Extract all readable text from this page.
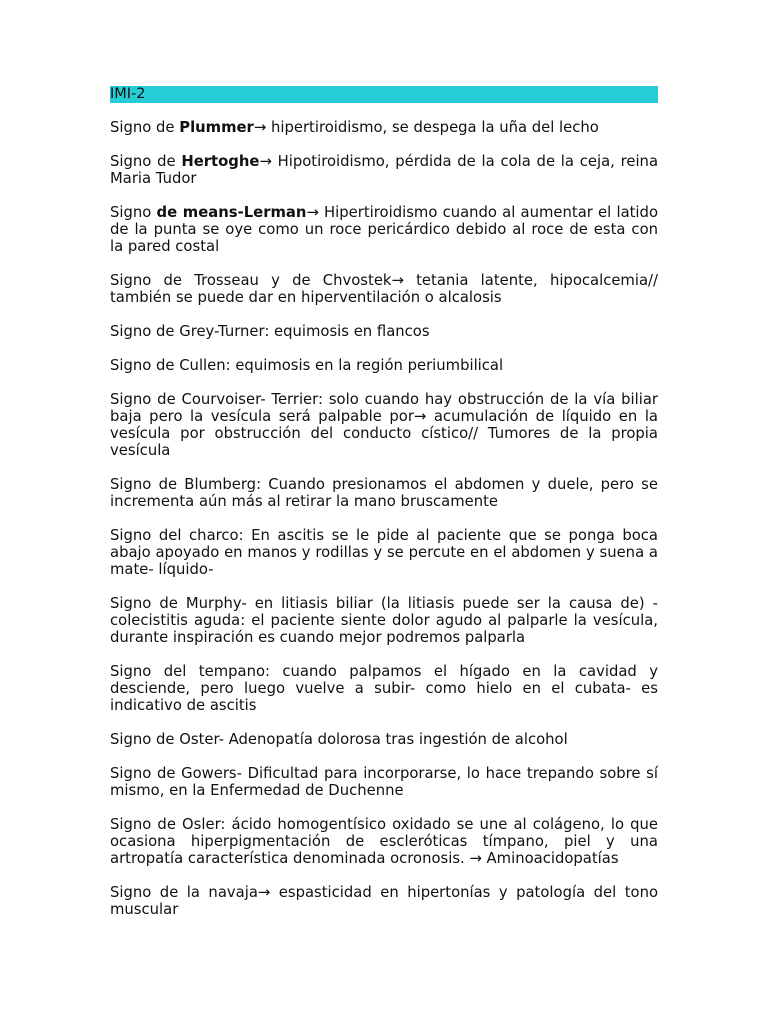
IMI-2

Signo de Plummer→ hipertiroidismo, se despega la uña del lecho

Signo de Hertoghe→ Hipotiroidismo, pérdida de la cola de la ceja, reina Maria Tudor

Signo de means-Lerman→ Hipertiroidismo cuando al aumentar el latido de la punta se oye como un roce pericárdico debido al roce de esta con la pared costal

Signo de Trosseau y de Chvostek→ tetania latente, hipocalcemia// también se puede dar en hiperventilación o alcalosis

Signo de Grey-Turner: equimosis en flancos

Signo de Cullen: equimosis en la región periumbilical

Signo de Courvoiser- Terrier: solo cuando hay obstrucción de la vía biliar baja pero la vesícula será palpable por→ acumulación de líquido en la vesícula por obstrucción del conducto cístico// Tumores de la propia vesícula

Signo de Blumberg: Cuando presionamos el abdomen y duele, pero se incrementa aún más al retirar la mano bruscamente

Signo del charco: En ascitis se le pide al paciente que se ponga boca abajo apoyado en manos y rodillas y se percute en el abdomen y suena a mate- líquido-

Signo de Murphy- en litiasis biliar (la litiasis puede ser la causa de) - colecistitis aguda: el paciente siente dolor agudo al palparle la vesícula, durante inspiración es cuando mejor podremos palparla

Signo del tempano: cuando palpamos el hígado en la cavidad y desciende, pero luego vuelve a subir- como hielo en el cubata- es indicativo de ascitis

Signo de Oster- Adenopatía dolorosa tras ingestión de alcohol

Signo de Gowers- Dificultad para incorporarse, lo hace trepando sobre sí mismo, en la Enfermedad de Duchenne

Signo de Osler: ácido homogentísico oxidado se une al colágeno, lo que ocasiona hiperpigmentación de escleróticas tímpano, piel y una artropatía característica denominada ocronosis. → Aminoacidopatías

Signo de la navaja→ espasticidad en hipertonías y patología del tono muscular
